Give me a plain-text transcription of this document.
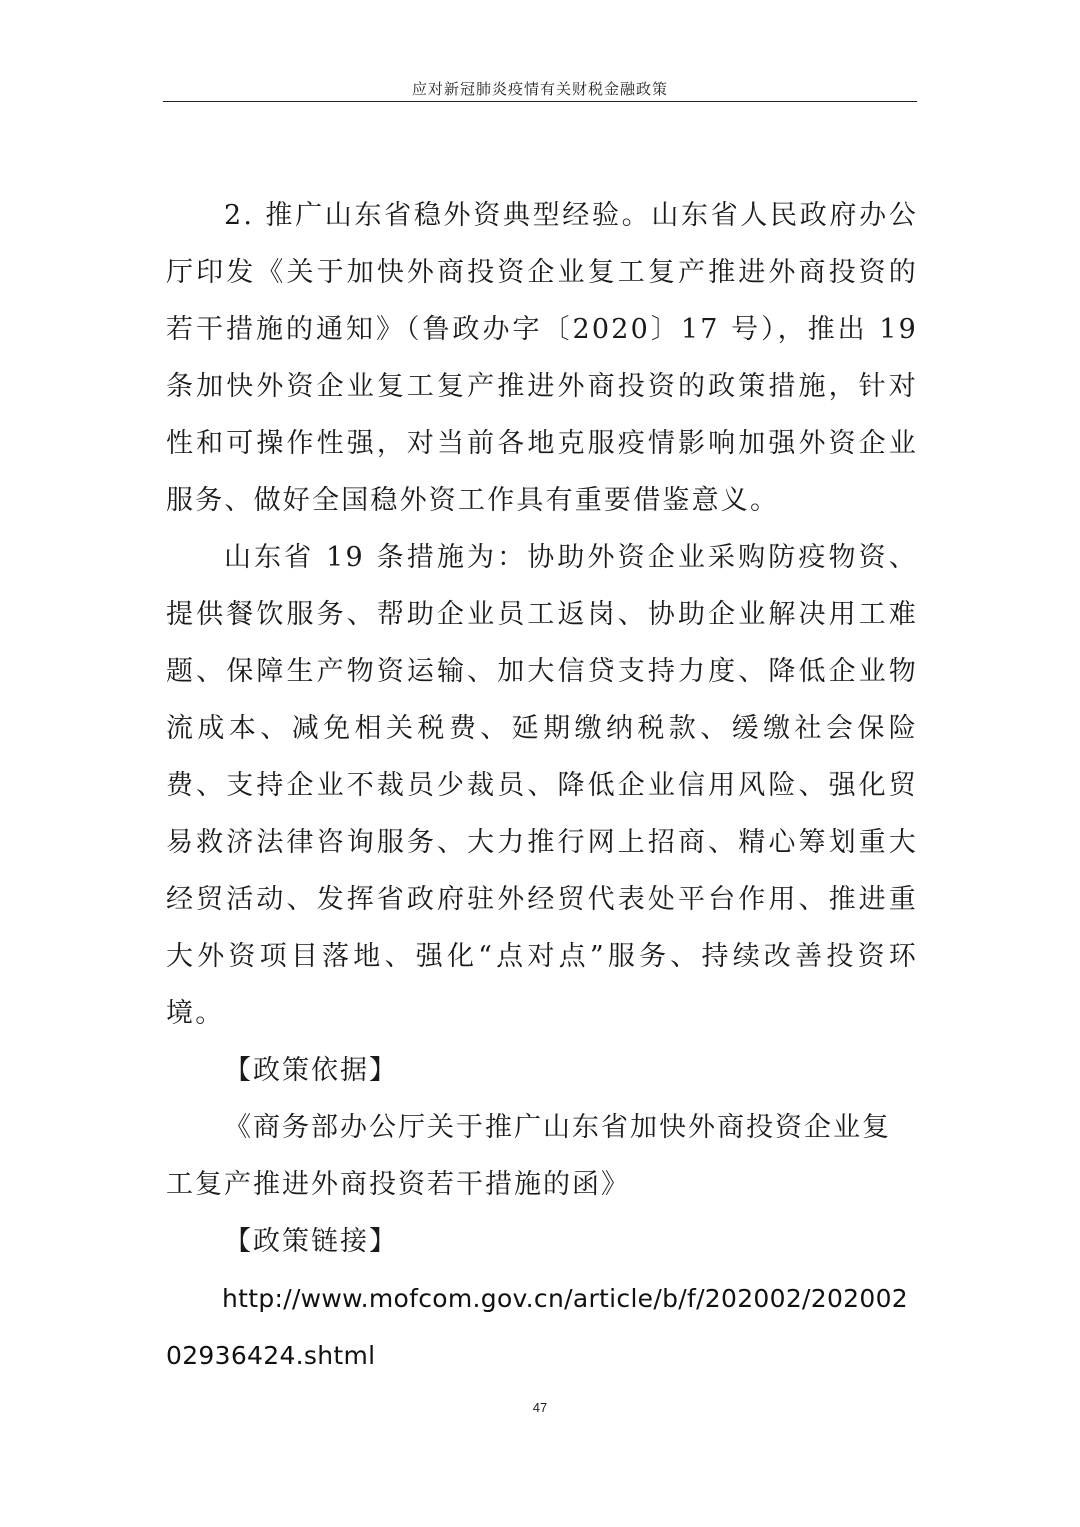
应对新冠肺炎疫情有关财税金融政策

2. 推广山东省稳外资典型经验。山东省人民政府办公厅印发《关于加快外商投资企业复工复产推进外商投资的若干措施的通知》（鲁政办字〔2020〕17 号），推出 19 条加快外资企业复工复产推进外商投资的政策措施，针对性和可操作性强，对当前各地克服疫情影响加强外资企业服务、做好全国稳外资工作具有重要借鉴意义。

山东省 19 条措施为：协助外资企业采购防疫物资、提供餐饮服务、帮助企业员工返岗、协助企业解决用工难题、保障生产物资运输、加大信贷支持力度、降低企业物流成本、减免相关税费、延期缴纳税款、缓缴社会保险费、支持企业不裁员少裁员、降低企业信用风险、强化贸易救济法律咨询服务、大力推行网上招商、精心筹划重大经贸活动、发挥省政府驻外经贸代表处平台作用、推进重大外资项目落地、强化“点对点”服务、持续改善投资环境。

【政策依据】

《商务部办公厅关于推广山东省加快外商投资企业复

工复产推进外商投资若干措施的函》

【政策链接】

http://www.mofcom.gov.cn/article/b/f/202002/20200202936424.shtml

47
